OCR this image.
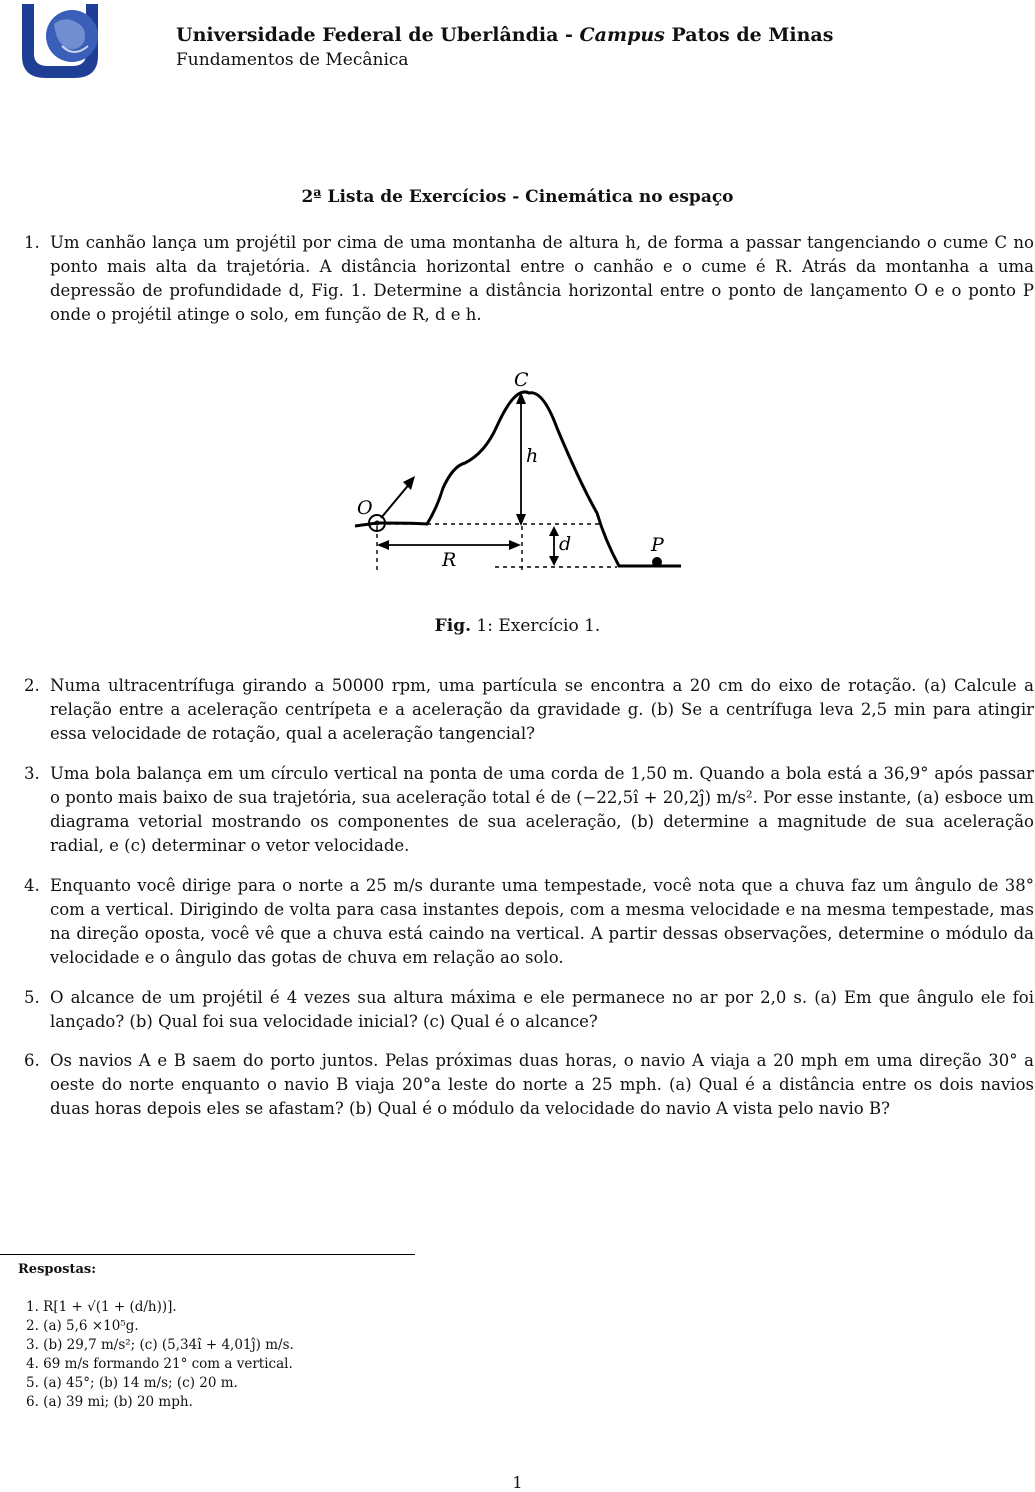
Universidade Federal de Uberlândia - Campus Patos de Minas
Fundamentos de Mecânica
2ª Lista de Exercícios - Cinemática no espaço
1. Um canhão lança um projétil por cima de uma montanha de altura h, de forma a passar tangenciando o cume C no ponto mais alta da trajetória. A distância horizontal entre o canhão e o cume é R. Atrás da montanha a uma depressão de profundidade d, Fig. 1. Determine a distância horizontal entre o ponto de lançamento O e o ponto P onde o projétil atinge o solo, em função de R, d e h.
C
h
O
R
d	P
Fig. 1: Exercício 1.
2. Numa ultracentrífuga girando a 50000 rpm, uma partícula se encontra a 20 cm do eixo de rotação. (a) Calcule a relação entre a aceleração centrípeta e a aceleração da gravidade g. (b) Se a centrífuga leva 2,5 min para atingir essa velocidade de rotação, qual a aceleração tangencial?
3. Uma bola balança em um círculo vertical na ponta de uma corda de 1,50 m. Quando a bola está a 36,9° após passar o ponto mais baixo de sua trajetória, sua aceleração total é de (−22,5î + 20,2ĵ) m/s². Por esse instante, (a) esboce um diagrama vetorial mostrando os componentes de sua aceleração, (b) determine a magnitude de sua aceleração radial, e (c) determinar o vetor velocidade.
4. Enquanto você dirige para o norte a 25 m/s durante uma tempestade, você nota que a chuva faz um ângulo de 38° com a vertical. Dirigindo de volta para casa instantes depois, com a mesma velocidade e na mesma tempestade, mas na direção oposta, você vê que a chuva está caindo na vertical. A partir dessas observações, determine o módulo da velocidade e o ângulo das gotas de chuva em relação ao solo.
5. O alcance de um projétil é 4 vezes sua altura máxima e ele permanece no ar por 2,0 s. (a) Em que ângulo ele foi lançado? (b) Qual foi sua velocidade inicial? (c) Qual é o alcance?
6. Os navios A e B saem do porto juntos. Pelas próximas duas horas, o navio A viaja a 20 mph em uma direção 30° a oeste do norte enquanto o navio B viaja 20°a leste do norte a 25 mph. (a) Qual é a distância entre os dois navios duas horas depois eles se afastam? (b) Qual é o módulo da velocidade do navio A vista pelo navio B?
Respostas:
1. R[1 + √(1 + (d/h))].
2. (a) 5,6 ×10⁵g.
3. (b) 29,7 m/s²; (c) (5,34î + 4,01ĵ) m/s.
4. 69 m/s formando 21° com a vertical.
5. (a) 45°; (b) 14 m/s; (c) 20 m.
6. (a) 39 mi; (b) 20 mph.
1
